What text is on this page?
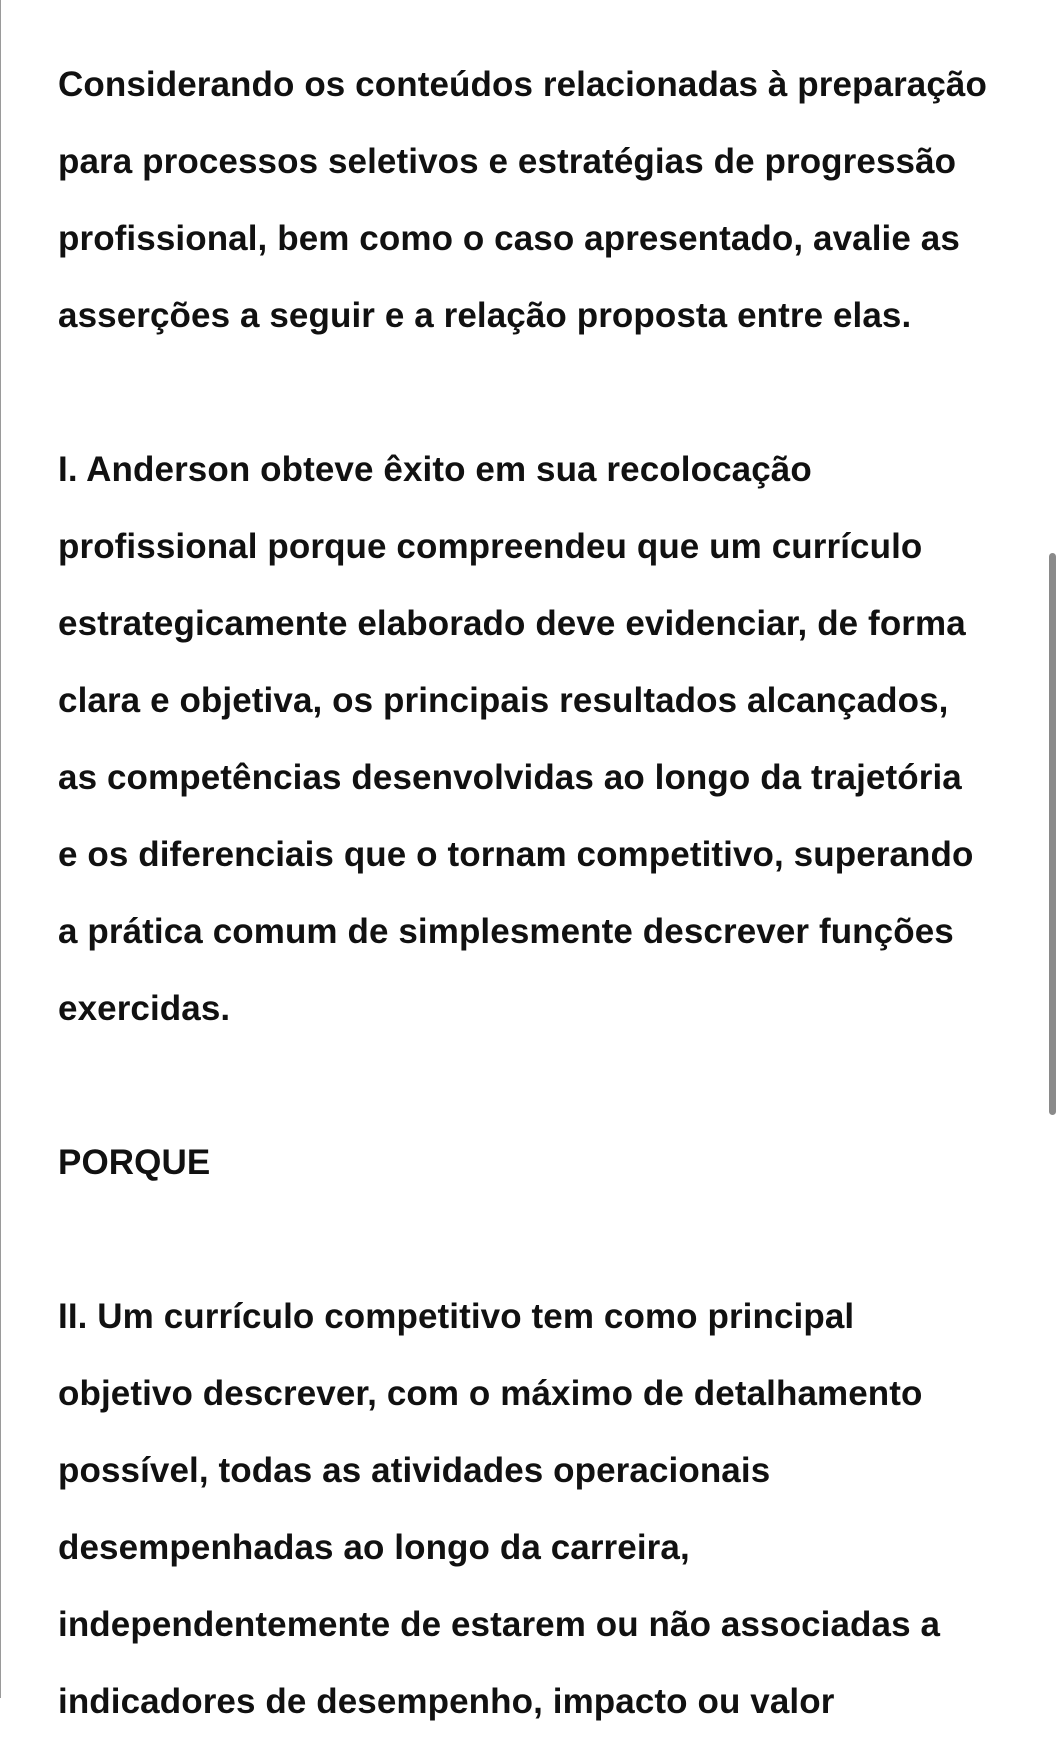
Considerando os conteúdos relacionadas à preparação
para processos seletivos e estratégias de progressão
profissional, bem como o caso apresentado, avalie as
asserções a seguir e a relação proposta entre elas.

I. Anderson obteve êxito em sua recolocação
profissional porque compreendeu que um currículo
estrategicamente elaborado deve evidenciar, de forma
clara e objetiva, os principais resultados alcançados,
as competências desenvolvidas ao longo da trajetória
e os diferenciais que o tornam competitivo, superando
a prática comum de simplesmente descrever funções
exercidas.

PORQUE

II. Um currículo competitivo tem como principal
objetivo descrever, com o máximo de detalhamento
possível, todas as atividades operacionais
desempenhadas ao longo da carreira,
independentemente de estarem ou não associadas a
indicadores de desempenho, impacto ou valor
